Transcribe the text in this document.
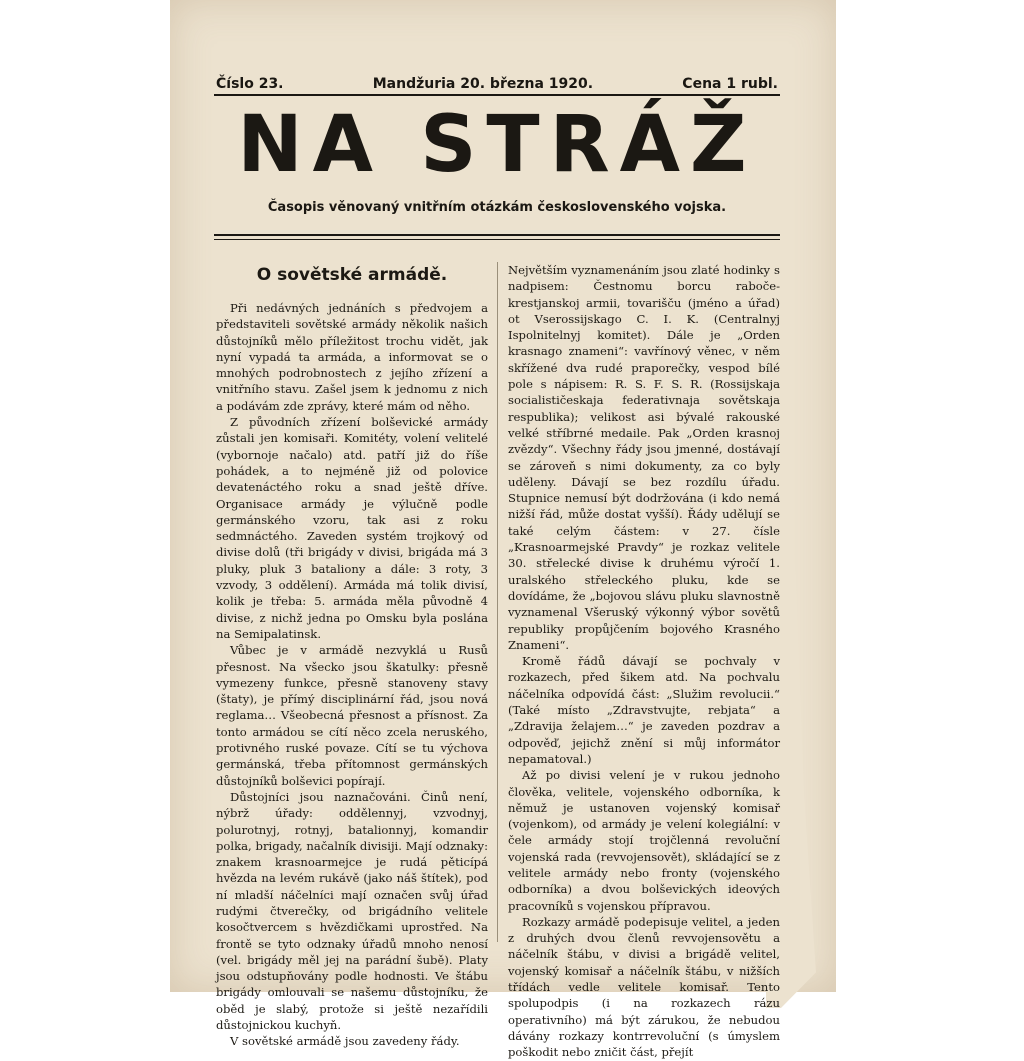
Číslo 23.	Mandžuria 20. března 1920.	Cena 1 rubl.
NA STRÁŽ
Časopis věnovaný vnitřním otázkám československého vojska.
O sovětské armádě.

Při nedávných jednáních s předvojem a představiteli sovětské armády několik našich důstojníků mělo příležitost trochu vidět, jak nyní vypadá ta armáda, a informovat se o mnohých podrobnostech z jejího zřízení a vnitřního stavu. Zašel jsem k jednomu z nich a podávám zde zprávy, které mám od něho.

Z původních zřízení bolševické armády zůstali jen komisaři. Komitéty, volení velitelé (vybornoje načalo) atd. patří již do říše pohádek, a to nejméně již od polovice devatenáctého roku a snad ještě dříve. Organisace armády je výlučně podle germánského vzoru, tak asi z roku sedmnáctého. Zaveden systém trojkový od divise dolů (tři brigády v divisi, brigáda má 3 pluky, pluk 3 bataliony a dále: 3 roty, 3 vzvody, 3 oddělení). Armáda má tolik divisí, kolik je třeba: 5. armáda měla původně 4 divise, z nichž jedna po Omsku byla poslána na Semipalatinsk.

Vůbec je v armádě nezvyklá u Rusů přesnost. Na všecko jsou škatulky: přesně vymezeny funkce, přesně stanoveny stavy (štaty), je přímý disciplinární řád, jsou nová reglama… Všeobecná přesnost a přísnost. Za tonto armádou se cítí něco zcela neruského, protivného ruské povaze. Cítí se tu výchova germánská, třeba přítomnost germánských důstojníků bolševici popírají.

Důstojníci jsou naznačováni. Činů není, nýbrž úřady: oddělennyj, vzvodnyj, polurotnyj, rotnyj, batalionnyj, komandir polka, brigady, načalník divisiji. Mají odznaky: znakem krasnoarmejce je rudá pěticípá hvězda na levém rukávě (jako náš štítek), pod ní mladší náčelníci mají označen svůj úřad rudými čtverečky, od brigádního velitele kosočtvercem s hvězdičkami uprostřed. Na frontě se tyto odznaky úřadů mnoho nenosí (vel. brigády měl jej na parádní šubě). Platy jsou odstupňovány podle hodnosti. Ve štábu brigády omlouvali se našemu důstojníku, že oběd je slabý, protože si ještě nezařídili důstojnickou kuchyň.

V sovětské armádě jsou zavedeny řády.

Největším vyznamenáním jsou zlaté hodinky s nadpisem: Čestnomu borcu raboče-krestjanskoj armii, tovarišču (jméno a úřad) ot Vserossijskago C. I. K. (Centralnyj Ispolnitelnyj komitet). Dále je „Orden krasnago znameni“: vavřínový věnec, v něm skřížené dva rudé praporečky, vespod bílé pole s nápisem: R. S. F. S. R. (Rossijskaja socialističeskaja federativnaja sovětskaja respublika); velikost asi bývalé rakouské velké stříbrné medaile. Pak „Orden krasnoj zvězdy“. Všechny řády jsou jmenné, dostávají se zároveň s nimi dokumenty, za co byly uděleny. Dávají se bez rozdílu úřadu. Stupnice nemusí být dodržována (i kdo nemá nižší řád, může dostat vyšší). Řády udělují se také celým částem: v 27. čísle „Krasnoarmejské Pravdy“ je rozkaz velitele 30. střelecké divise k druhému výročí 1. uralského střeleckého pluku, kde se dovídáme, že „bojovou slávu pluku slavnostně vyznamenal Všeruský výkonný výbor sovětů republiky propůjčením bojového Krasného Znameni“.

Kromě řádů dávají se pochvaly v rozkazech, před šikem atd. Na pochvalu náčelníka odpovídá část: „Služim revolucii.“ (Také místo „Zdravstvujte, rebjata“ a „Zdravija želajem…“ je zaveden pozdrav a odpověď, jejichž znění si můj informátor nepamatoval.)

Až po divisi velení je v rukou jednoho člověka, velitele, vojenského odborníka, k němuž je ustanoven vojenský komisař (vojenkom), od armády je velení kolegiální: v čele armády stojí trojčlenná revoluční vojenská rada (revvojensovět), skládající se z velitele armády nebo fronty (vojenského odborníka) a dvou bolševických ideových pracovníků s vojenskou přípravou.

Rozkazy armádě podepisuje velitel, a jeden z druhých dvou členů revvojensovětu a náčelník štábu, v divisi a brigádě velitel, vojenský komisař a náčelník štábu, v nižších třídách vedle velitele komisař. Tento spolupodpis (i na rozkazech rázu operativního) má být zárukou, že nebudou dávány rozkazy kontrrevoluční (s úmyslem poškodit nebo zničit část, přejít
